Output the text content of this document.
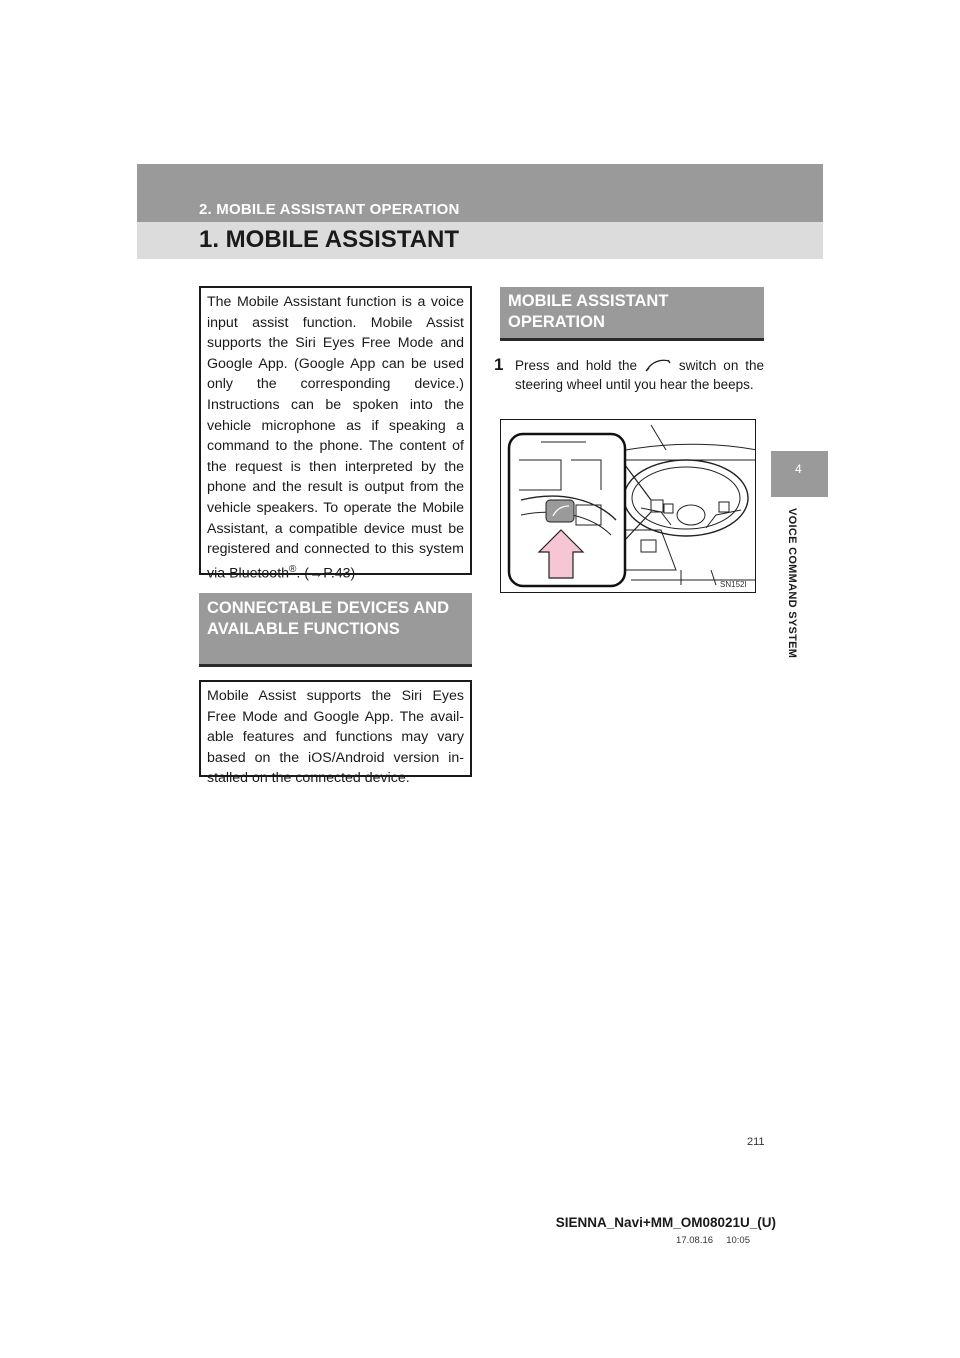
2. MOBILE ASSISTANT OPERATION
1. MOBILE ASSISTANT
4
VOICE COMMAND SYSTEM

The Mobile Assistant function is a voice input assist function. Mobile Assist supports the Siri Eyes Free Mode and Google App. (Google App can be used only the corresponding device.) Instructions can be spoken into the vehicle microphone as if speaking a command to the phone. The content of the request is then interpreted by the phone and the result is output from the vehicle speakers. To operate the Mobile Assistant, a compatible device must be registered and connected to this system via Bluetooth®. (→P.43)

CONNECTABLE DEVICES AND AVAILABLE FUNCTIONS

Mobile Assist supports the Siri Eyes Free Mode and Google App. The avail- able features and functions may vary based on the iOS/Android version in- stalled on the connected device.

MOBILE ASSISTANT OPERATION
1 Press and hold the	switch on the steering wheel until you hear the beeps.
SN152I
211
SIENNA_Navi+MM_OM08021U_(U)
17.08.16     10:05
